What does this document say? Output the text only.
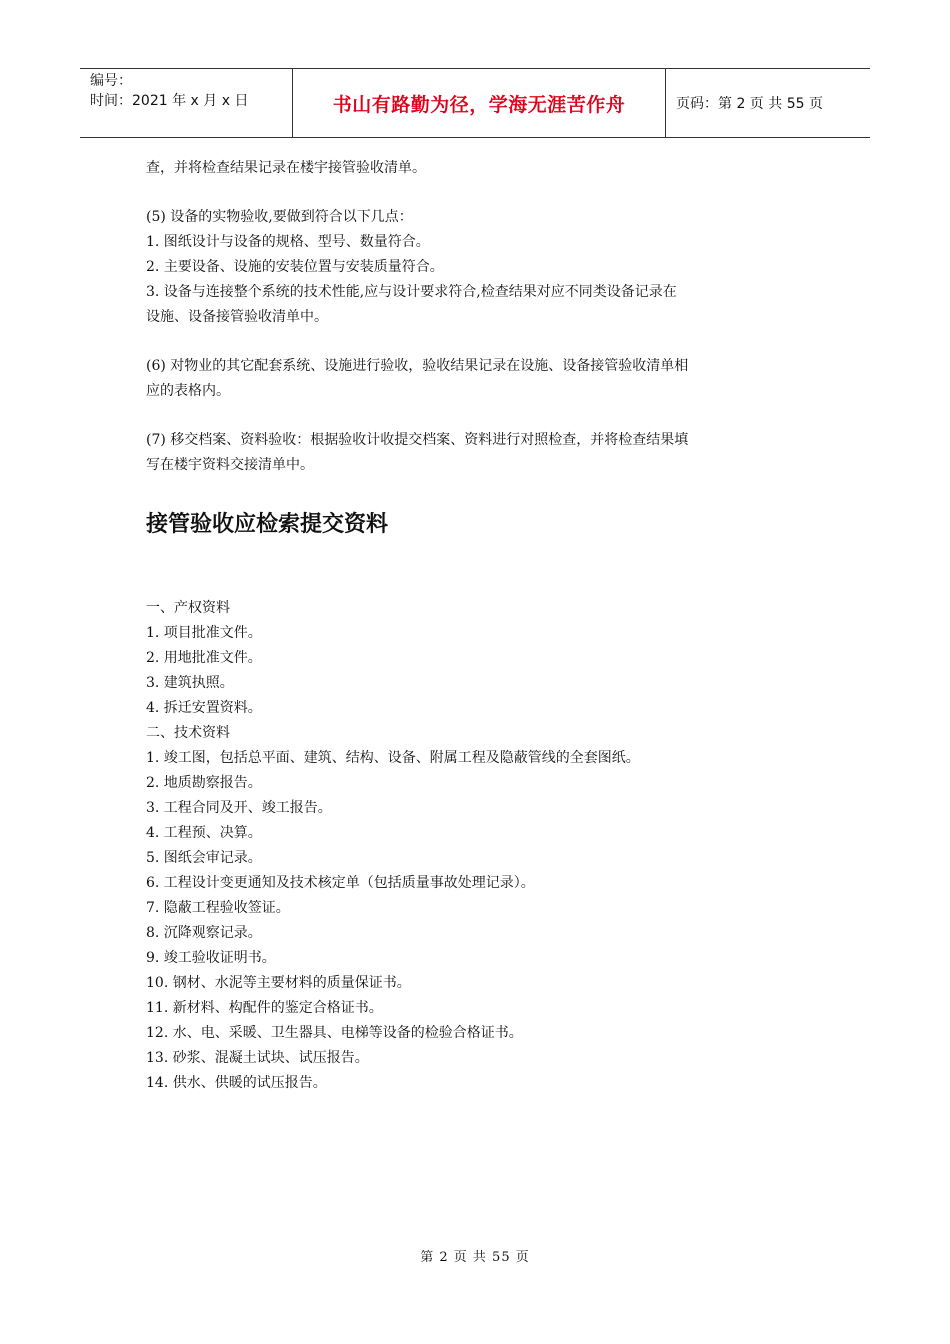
编号：
时间：2021 年 x 月 x 日	书山有路勤为径，学海无涯苦作舟	页码：第 2 页 共 55 页

查，并将检查结果记录在楼宇接管验收清单。

(5) 设备的实物验收,要做到符合以下几点：

1. 图纸设计与设备的规格、型号、数量符合。

2. 主要设备、设施的安装位置与安装质量符合。

3. 设备与连接整个系统的技术性能,应与设计要求符合,检查结果对应不同类设备记录在

设施、设备接管验收清单中。

(6) 对物业的其它配套系统、设施进行验收，验收结果记录在设施、设备接管验收清单相

应的表格内。

(7) 移交档案、资料验收：根据验收计收提交档案、资料进行对照检查，并将检查结果填

写在楼宇资料交接清单中。

接管验收应检索提交资料

一、产权资料

1. 项目批准文件。

2. 用地批准文件。

3. 建筑执照。

4. 拆迁安置资料。

二、技术资料

1. 竣工图，包括总平面、建筑、结构、设备、附属工程及隐蔽管线的全套图纸。

2. 地质勘察报告。

3. 工程合同及开、竣工报告。

4. 工程预、决算。

5. 图纸会审记录。

6. 工程设计变更通知及技术核定单（包括质量事故处理记录）。

7. 隐蔽工程验收签证。

8. 沉降观察记录。

9. 竣工验收证明书。

10. 钢材、水泥等主要材料的质量保证书。

11. 新材料、构配件的鉴定合格证书。

12. 水、电、采暖、卫生器具、电梯等设备的检验合格证书。

13. 砂浆、混凝土试块、试压报告。

14. 供水、供暖的试压报告。

第 2 页 共 55 页
